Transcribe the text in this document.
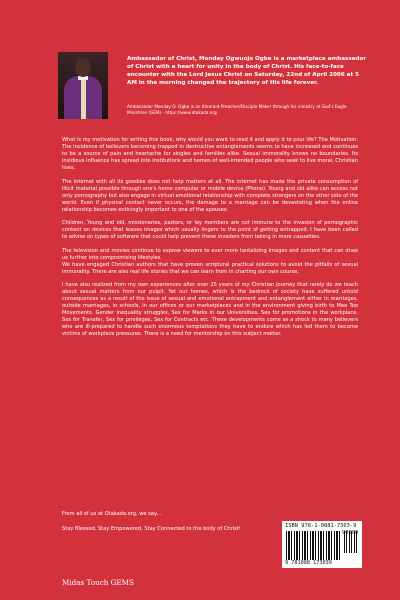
Ambassador of Christ, Monday Ogwuojo Ogbe is a marketplace ambassador of Christ with a heart for unity in the body of Christ. His face-to-face encounter with the Lord Jesus Christ on Saturday, 22nd of April 2006 at 5 AM in the morning changed the trajectory of His life forever.
Ambassador Monday O. Ogbe is an Itinerant Preacher/Disciple Maker through his ministry at God's Eagle Ministries (GEM) - https://www.otakada.org

What is my motivation for writing this book, why would you want to read it and apply it to your life? The Motivation: The incidence of believers becoming trapped in destructive entanglements seems to have increased and continues to be a source of pain and heartache for singles and families alike. Sexual immorality knows no boundaries. Its insidious influence has spread into institutions and homes of well-intended people who seek to live moral, Christian lives.

The internet with all its goodies does not help matters at all. The internet has made the private consumption of illicit material possible through one's home computer or mobile device (Phone). Young and old alike can access not only pornography but also engage in virtual emotional relationship with complete strangers on the other side of the world. Even if physical contact never occurs, the damage to a marriage can be devastating when the online relationship becomes enticingly important to one of the spouses.

Children, Young and old, missionaries, pastors, or lay members are not immune to the invasion of pornographic content on devices that leaves images which usually lingers to the point of getting entrapped. I have been called to advise on types of software that could help prevent these invaders from taking in more casualties.

The television and movies continue to expose viewers to ever more tantalizing images and content that can draw us further into compromising lifestyles.

We have engaged Christian authors that have proven scriptural practical solutions to avoid the pitfalls of sexual immorality. There are also real life stories that we can learn from in charting our own course.

I have also realized from my own experiences after over 25 years of my Christian journey that rarely do we teach about sexual matters from our pulpit. Yet our homes, which is the bedrock of society have suffered untold consequences as a result of the issue of sexual and emotional entrapment and entanglement either in marriages, outside marriages, in schools, in our offices or our marketplaces and in the environment giving birth to Mee Too Movements, Gender inequality struggles, Sex for Marks in our Universities, Sex for promotions in the workplace, Sex for Transfer, Sex for privileges, Sex for Contracts etc. These developments come as a shock to many believers who are ill-prepared to handle such enormous temptations they have to endure which has led them to become victims of workplace pressures. There is a need for mentorship on this subject matter.

From all of us at Otakada.org, we say...
Stay Blessed, Stay Empowered, Stay Connected to the body of Christ!	ISBN 978-1-0881-7303-9
9 781088 173039
90000
Midas Touch GEMS
